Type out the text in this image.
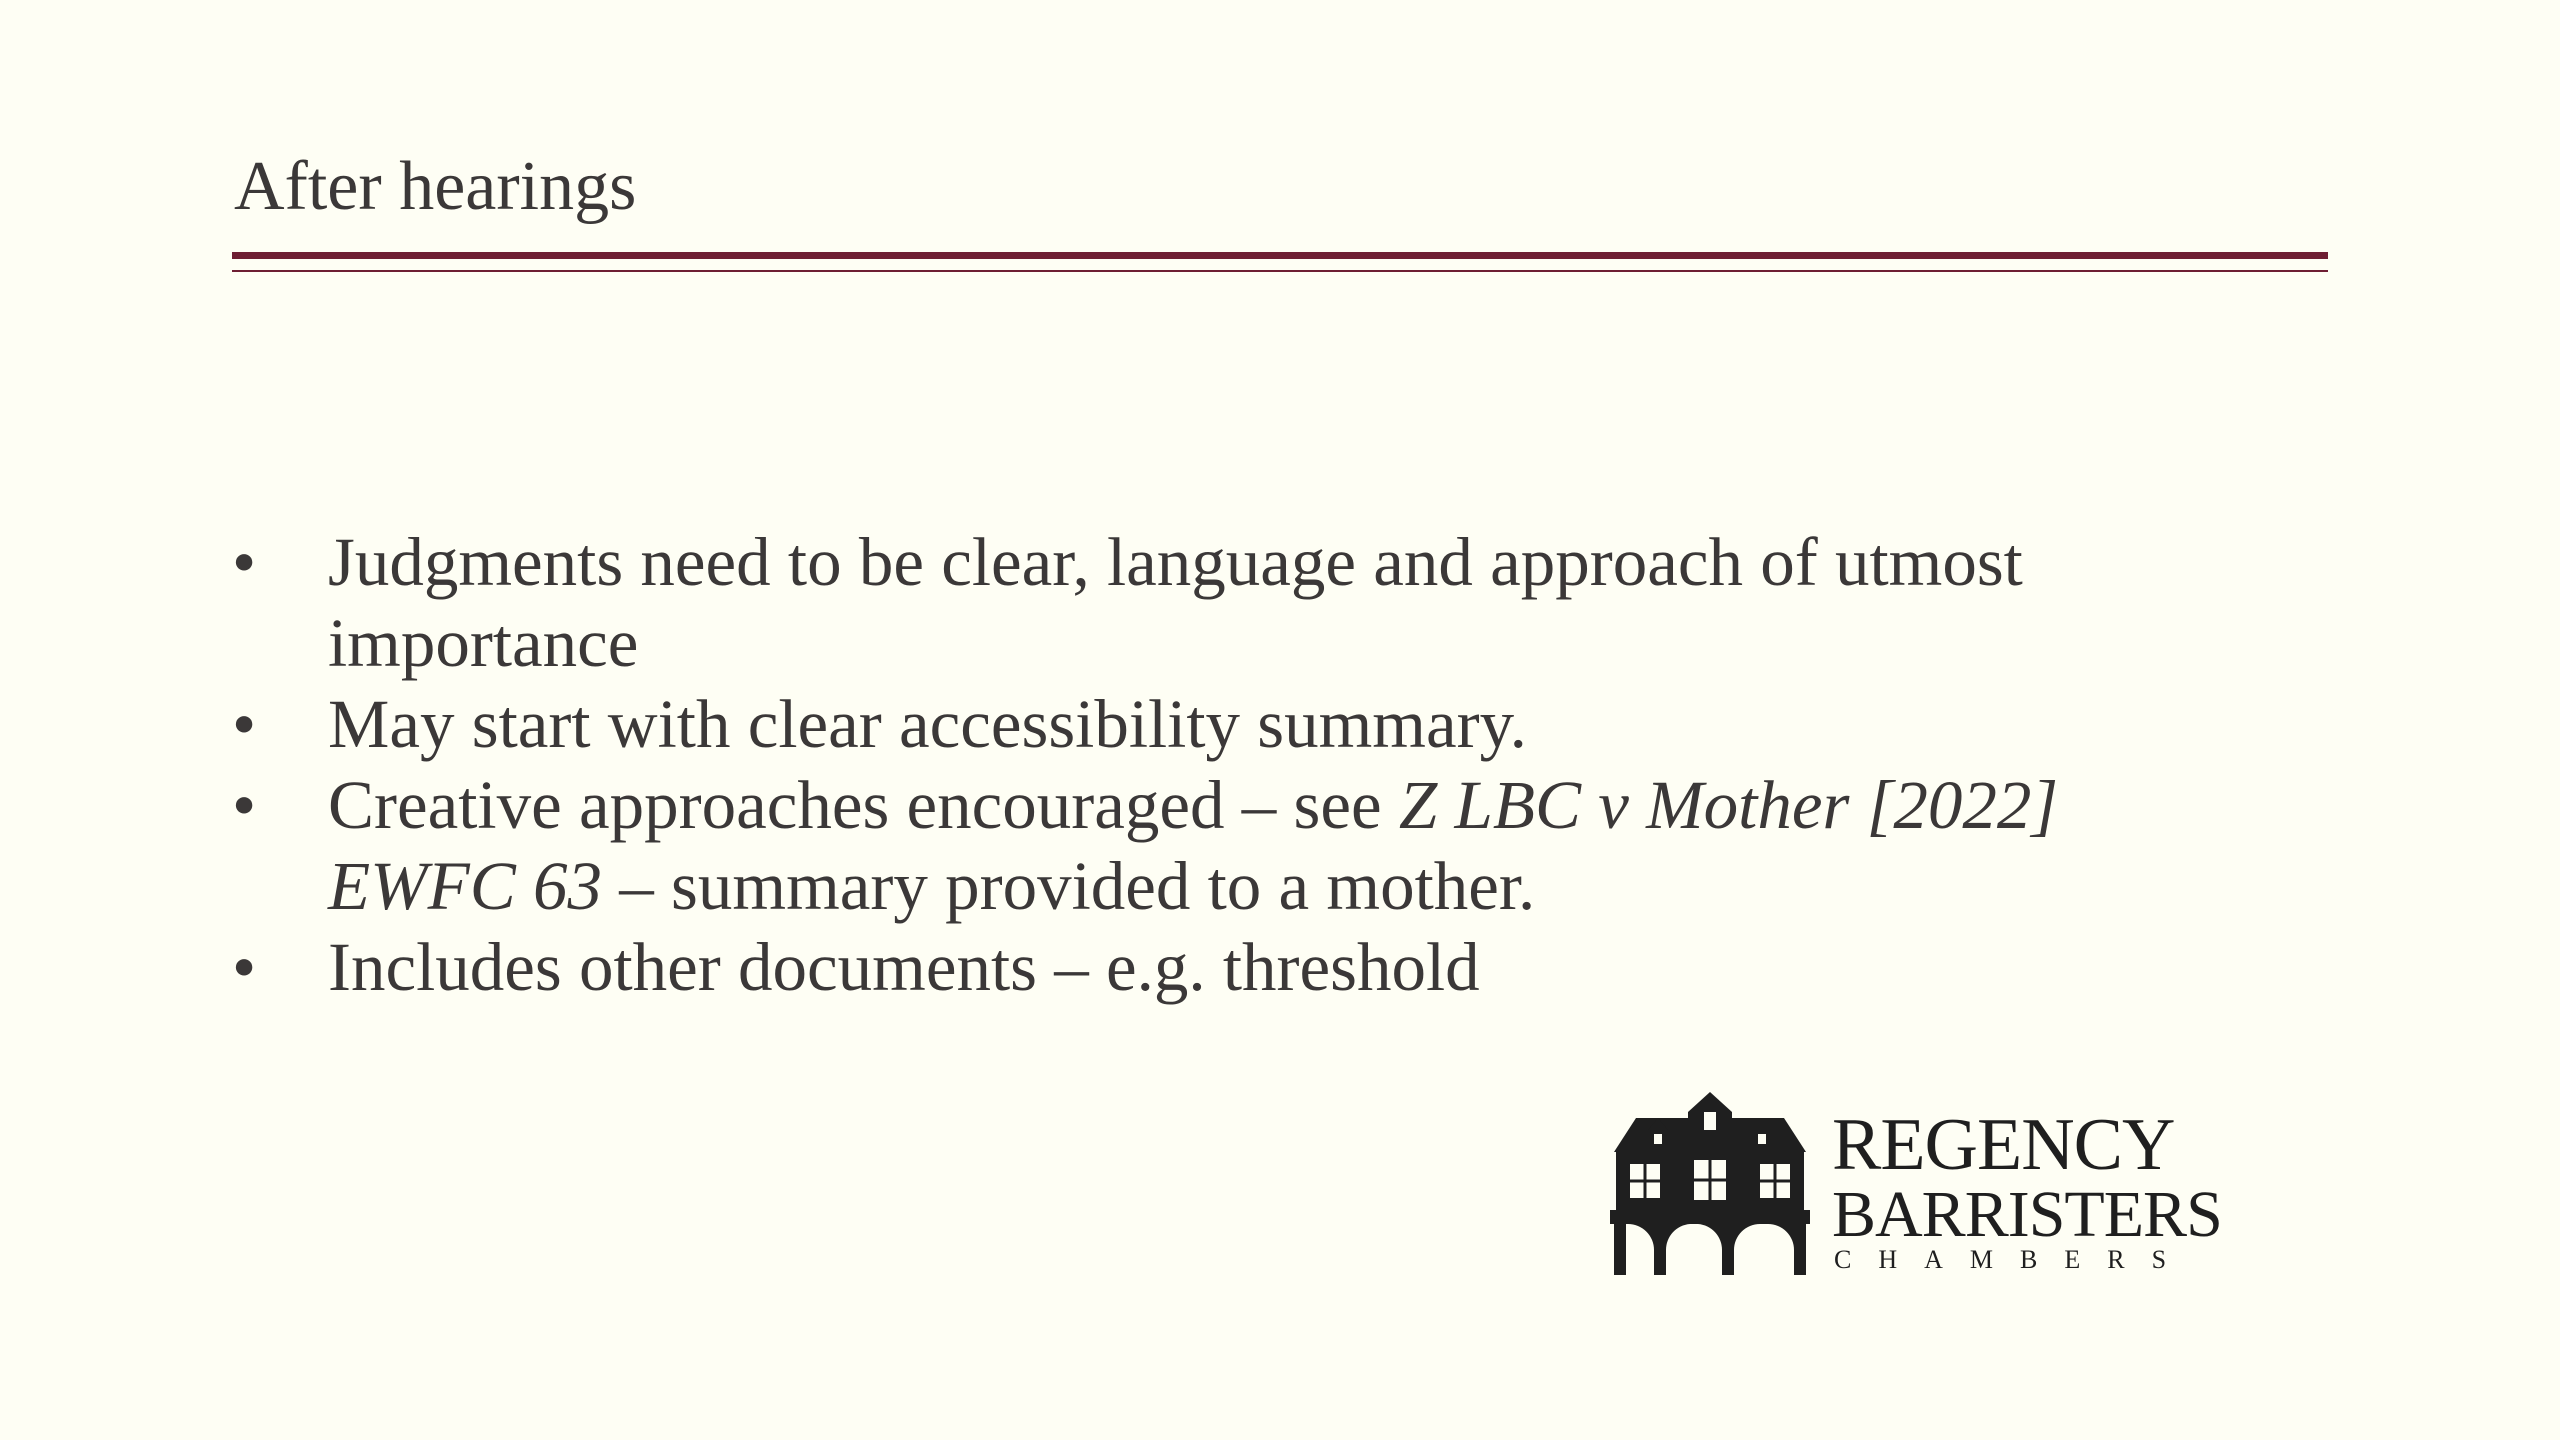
After hearings
• Judgments need to be clear, language and approach of utmost
importance
• May start with clear accessibility summary.
• Creative approaches encouraged – see Z LBC v Mother [2022]
EWFC 63 – summary provided to a mother.
• Includes other documents – e.g. threshold
REGENCY
BARRISTERS
CHAMBERS
